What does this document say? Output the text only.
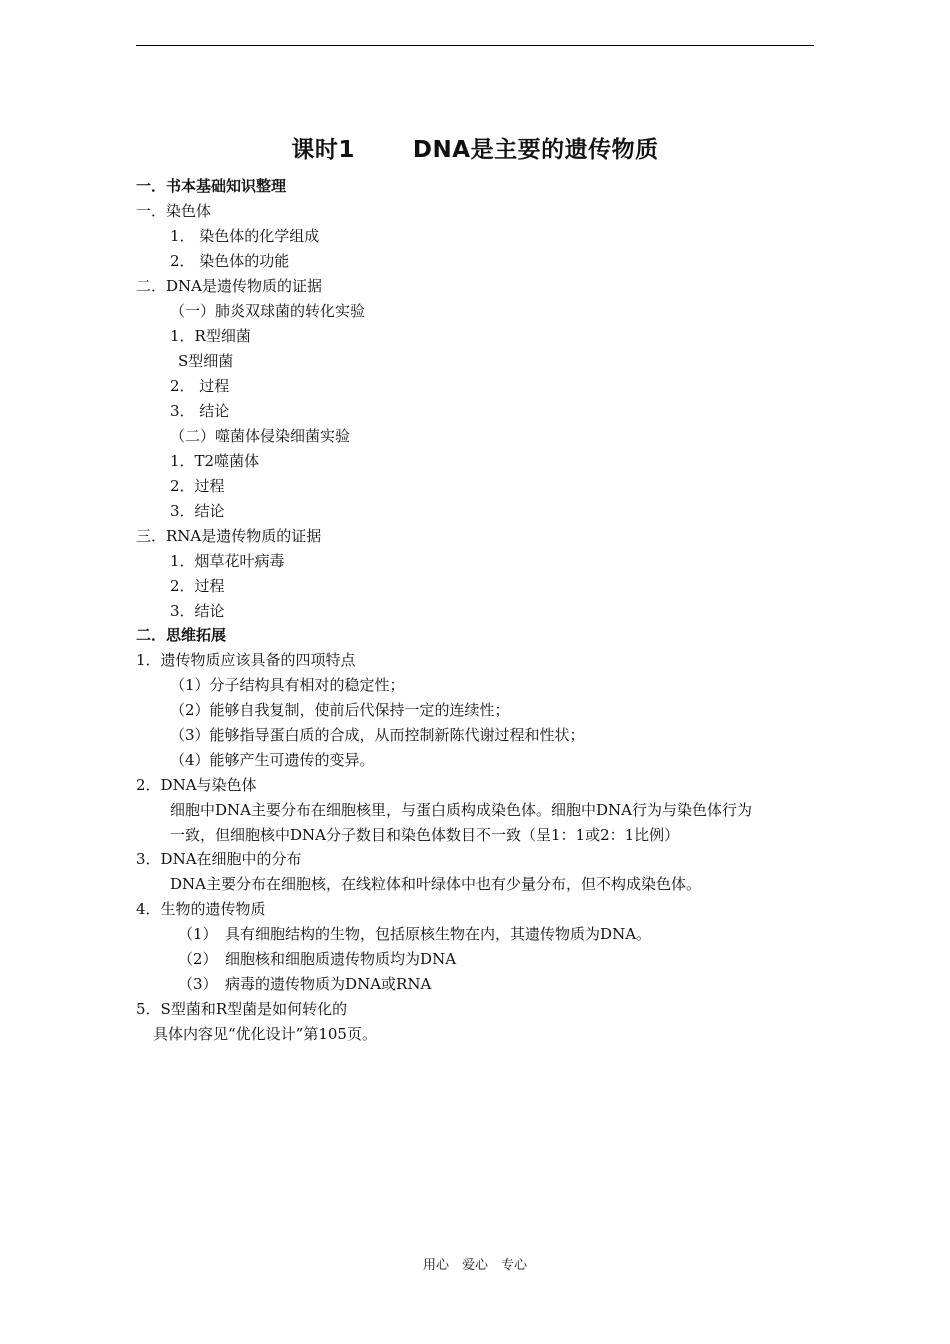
课时1	DNA是主要的遗传物质
一．书本基础知识整理
一．染色体
1． 染色体的化学组成
2． 染色体的功能
二．DNA是遗传物质的证据
（一）肺炎双球菌的转化实验
1．R型细菌
S型细菌
2． 过程
3． 结论
（二）噬菌体侵染细菌实验
1．T2噬菌体
2．过程
3．结论
三．RNA是遗传物质的证据
1．烟草花叶病毒
2．过程
3．结论
二．思维拓展
1．遗传物质应该具备的四项特点
（1）分子结构具有相对的稳定性；
（2）能够自我复制，使前后代保持一定的连续性；
（3）能够指导蛋白质的合成，从而控制新陈代谢过程和性状；
（4）能够产生可遗传的变异。
2．DNA与染色体
细胞中DNA主要分布在细胞核里，与蛋白质构成染色体。细胞中DNA行为与染色体行为
一致，但细胞核中DNA分子数目和染色体数目不一致（呈1：1或2：1比例）
3．DNA在细胞中的分布
DNA主要分布在细胞核，在线粒体和叶绿体中也有少量分布，但不构成染色体。
4．生物的遗传物质
（1）　具有细胞结构的生物，包括原核生物在内，其遗传物质为DNA。
（2）　细胞核和细胞质遗传物质均为DNA
（3）　病毒的遗传物质为DNA或RNA
5．S型菌和R型菌是如何转化的
具体内容见“优化设计”第105页。
用心　爱心　专心
